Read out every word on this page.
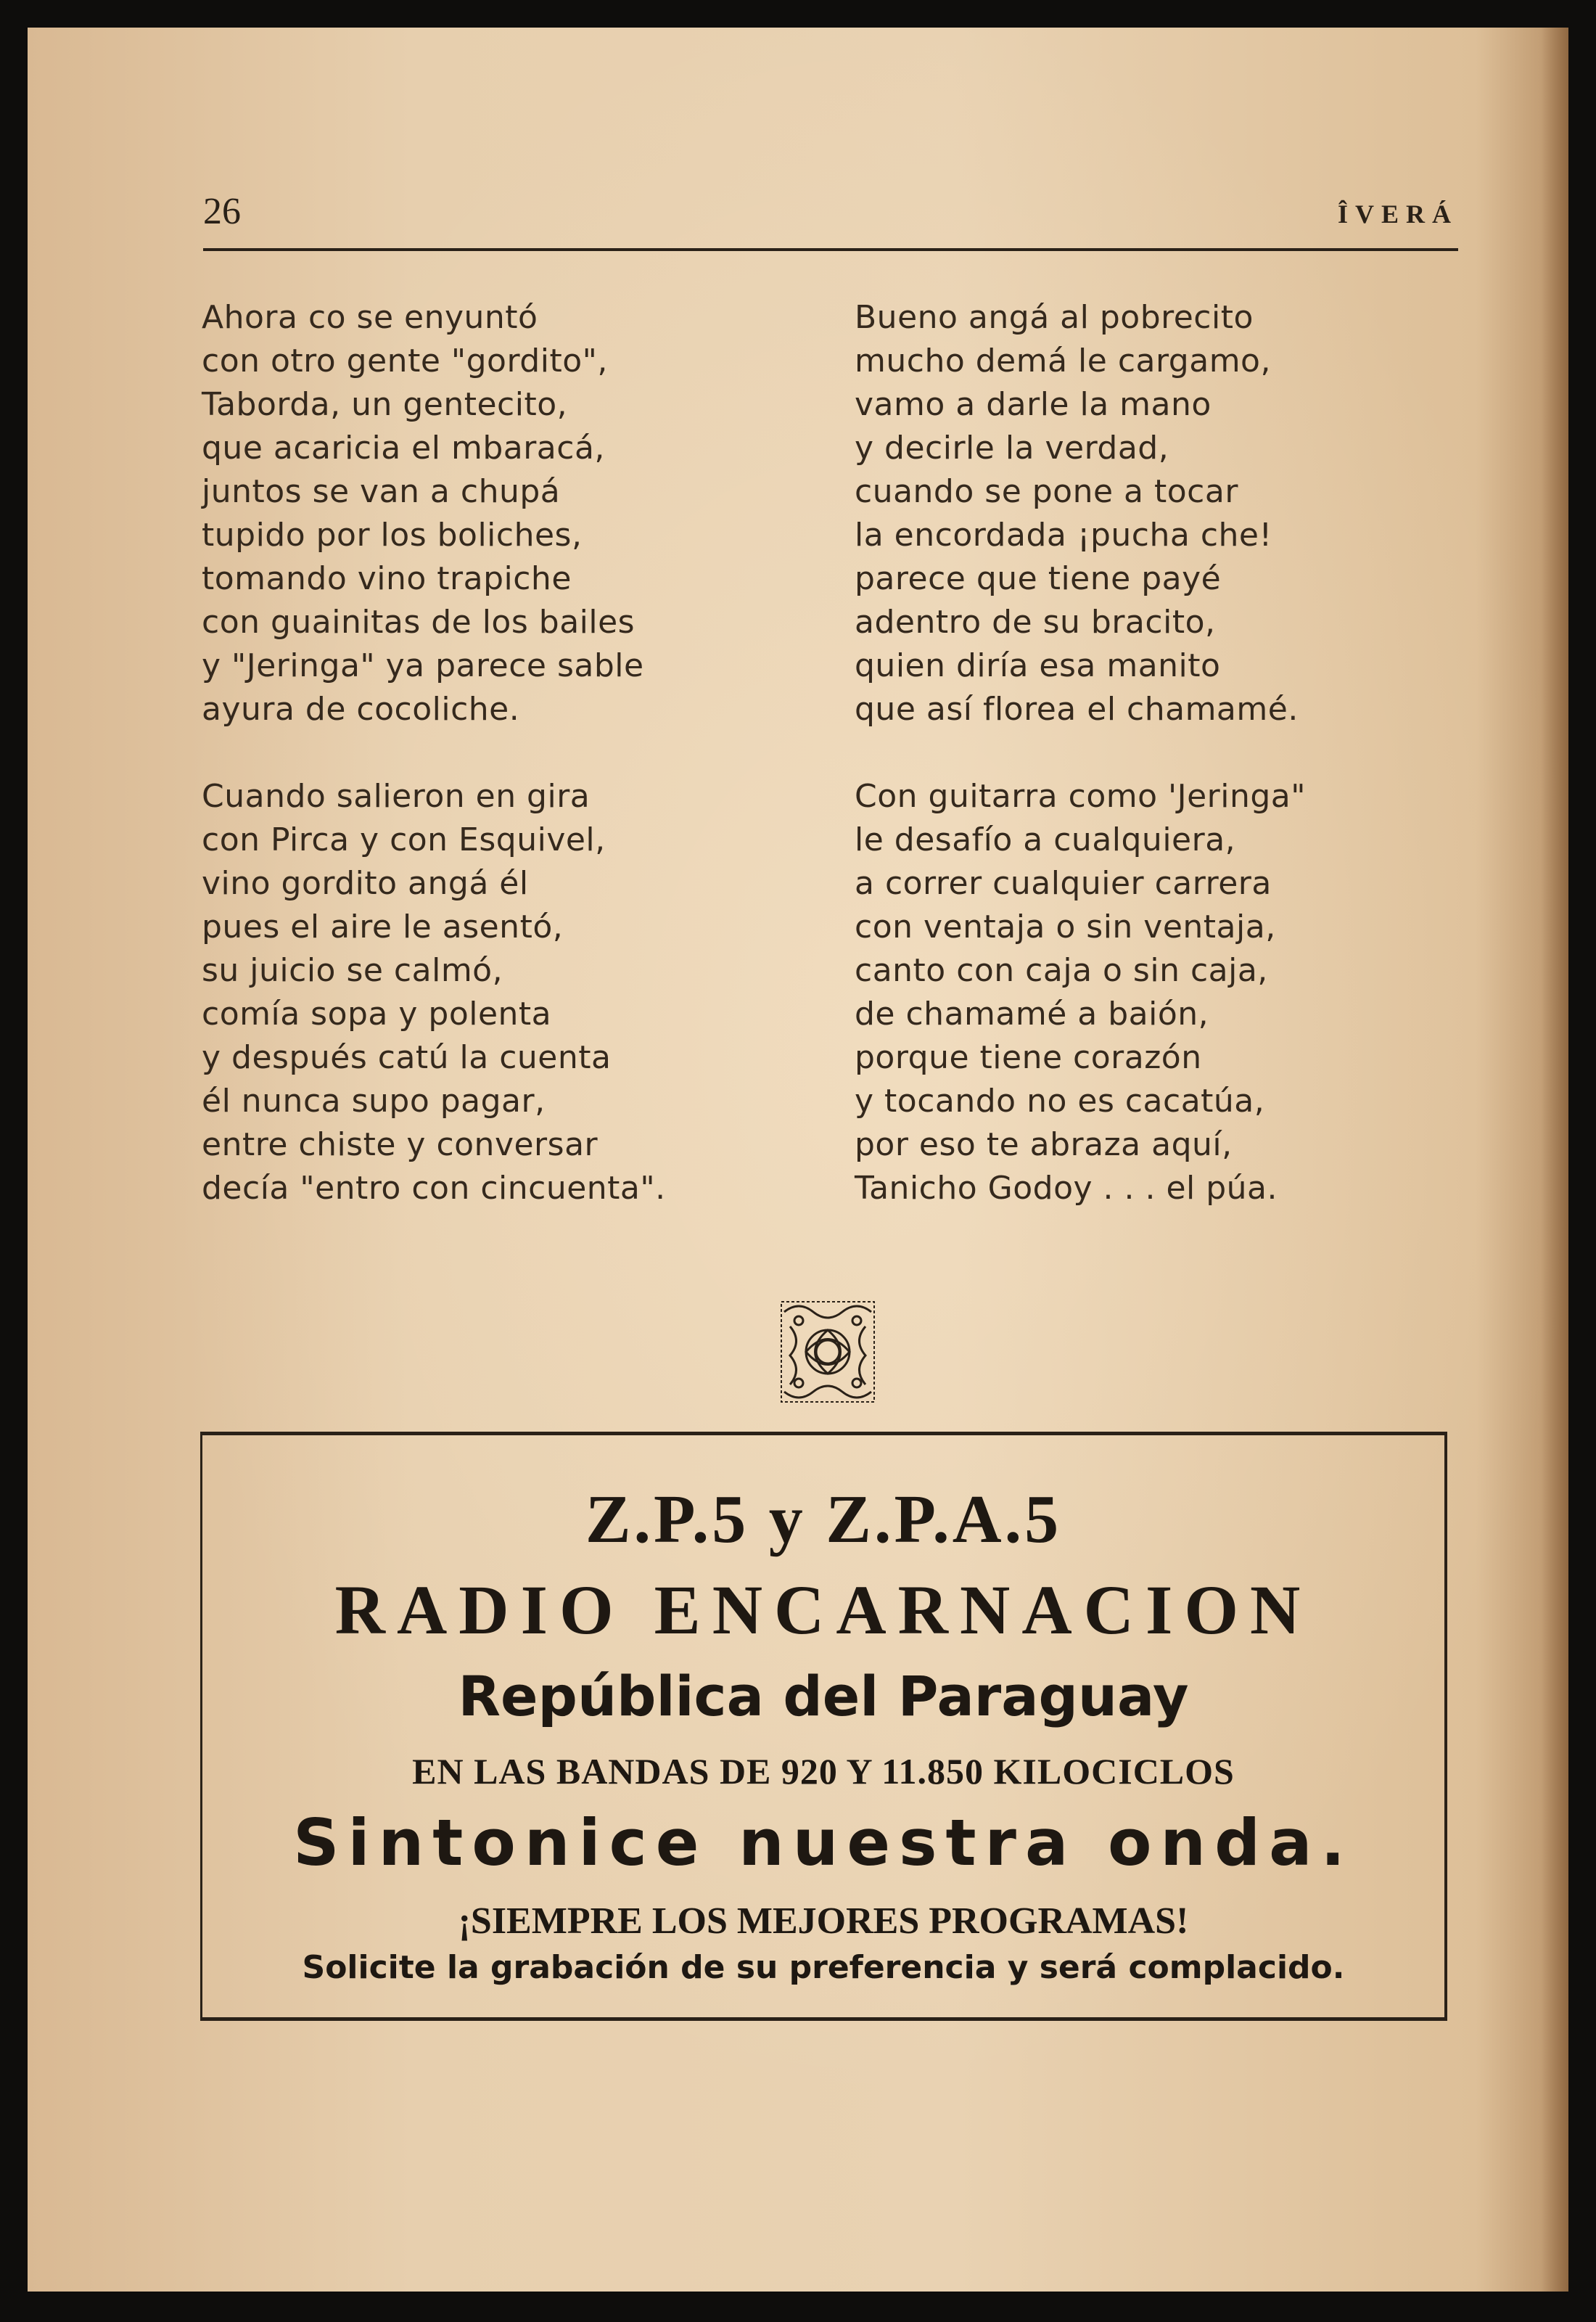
26	ÎVERÁ
Ahora co se enyuntó
con otro gente "gordito",
Taborda, un gentecito,
que acaricia el mbaracá,
juntos se van a chupá
tupido por los boliches,
tomando vino trapiche
con guainitas de los bailes
y "Jeringa" ya parece sable
ayura de cocoliche.
Cuando salieron en gira
con Pirca y con Esquivel,
vino gordito angá él
pues el aire le asentó,
su juicio se calmó,
comía sopa y polenta
y después catú la cuenta
él nunca supo pagar,
entre chiste y conversar
decía "entro con cincuenta".
Bueno angá al pobrecito
mucho demá le cargamo,
vamo a darle la mano
y decirle la verdad,
cuando se pone a tocar
la encordada ¡pucha che!
parece que tiene payé
adentro de su bracito,
quien diría esa manito
que así florea el chamamé.
Con guitarra como 'Jeringa"
le desafío a cualquiera,
a correr cualquier carrera
con ventaja o sin ventaja,
canto con caja o sin caja,
de chamamé a baión,
porque tiene corazón
y tocando no es cacatúa,
por eso te abraza aquí,
Tanicho Godoy . . . el púa.
Z.P.5 y Z.P.A.5
RADIO ENCARNACION
República del Paraguay
EN LAS BANDAS DE 920 Y 11.850 KILOCICLOS
Sintonice nuestra onda.
¡SIEMPRE LOS MEJORES PROGRAMAS!
Solicite la grabación de su preferencia y será complacido.
